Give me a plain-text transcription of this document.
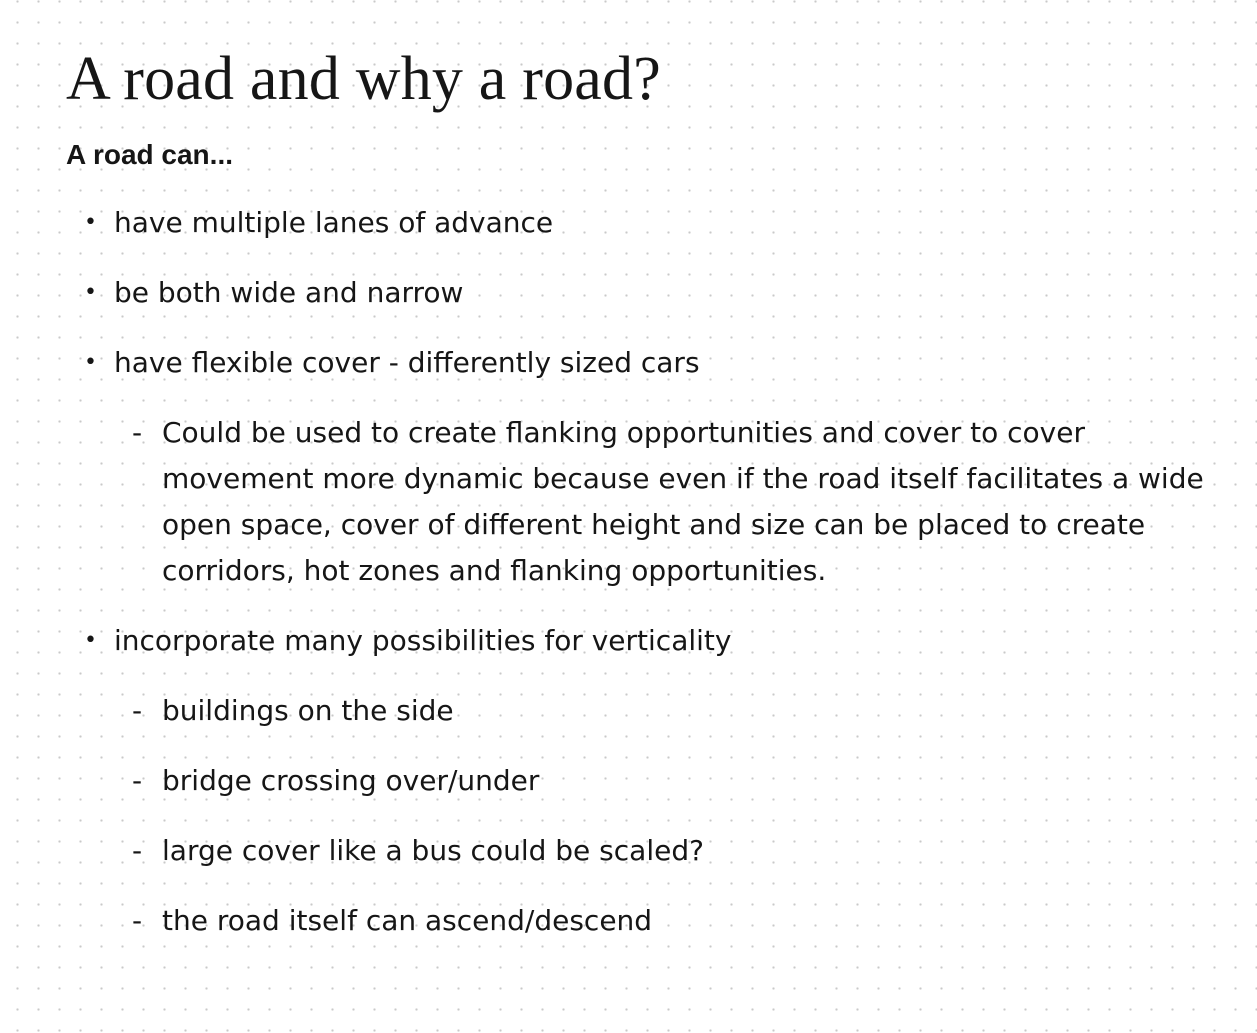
A road and why a road?
A road can...
• have multiple lanes of advance
• be both wide and narrow
• have flexible cover - differently sized cars
- Could be used to create flanking opportunities and cover to cover movement more dynamic because even if the road itself facilitates a wide open space, cover of different height and size can be placed to create corridors, hot zones and flanking opportunities.
• incorporate many possibilities for verticality
- buildings on the side
- bridge crossing over/under
- large cover like a bus could be scaled?
- the road itself can ascend/descend
